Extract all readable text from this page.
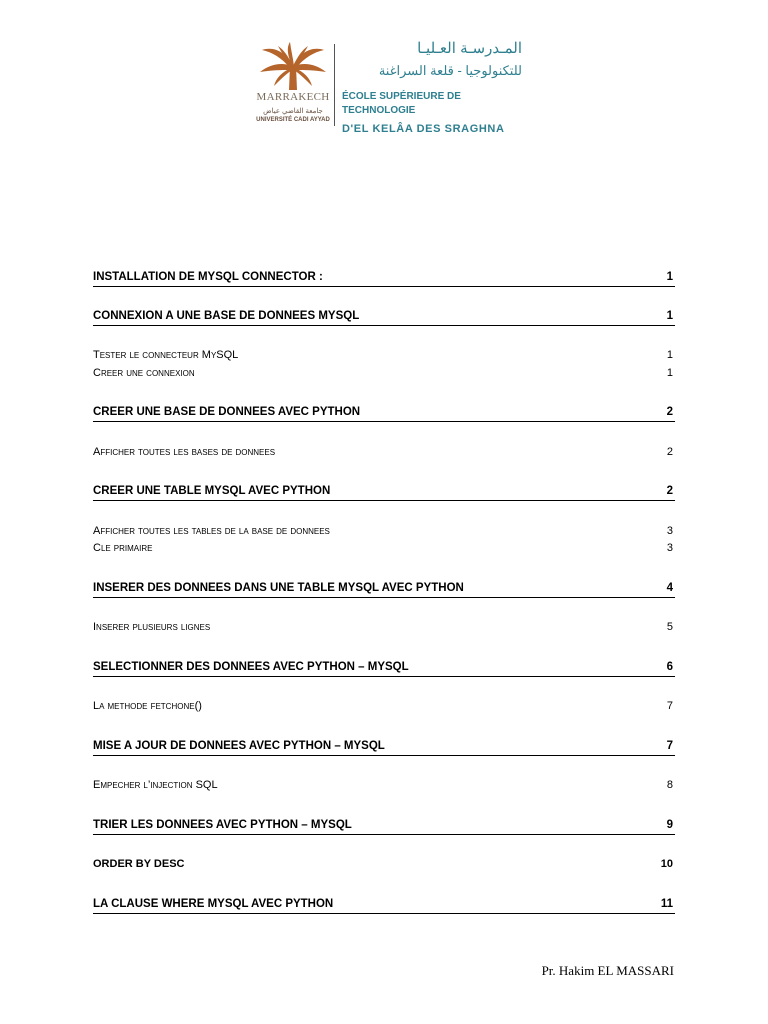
MARRAKECH
جامعة القاضي عياض
UNIVERSITÉ CADI AYYAD
المـدرسـة العـليـا
للتكنولوجيا - قلعة السراغنة
ÉCOLE SUPÉRIEURE DE TECHNOLOGIE
D'EL KELÂA DES SRAGHNA
INSTALLATION DE MYSQL CONNECTOR :	1
CONNEXION A UNE BASE DE DONNEES MYSQL	1
Tester le connecteur MySQL	1
Creer une connexion	1
CREER UNE BASE DE DONNEES AVEC PYTHON	2
Afficher toutes les bases de donnees	2
CREER UNE TABLE MYSQL AVEC PYTHON	2
Afficher toutes les tables de la base de donnees	3
Cle primaire	3
INSERER DES DONNEES DANS UNE TABLE MYSQL AVEC PYTHON	4
Inserer plusieurs lignes	5
SELECTIONNER DES DONNEES AVEC PYTHON – MYSQL	6
La methode fetchone()	7
MISE A JOUR DE DONNEES AVEC PYTHON – MYSQL	7
Empecher l’injection SQL	8
TRIER LES DONNEES AVEC PYTHON – MYSQL	9
ORDER BY DESC	10
LA CLAUSE WHERE MYSQL AVEC PYTHON	11
Pr. Hakim EL MASSARI
